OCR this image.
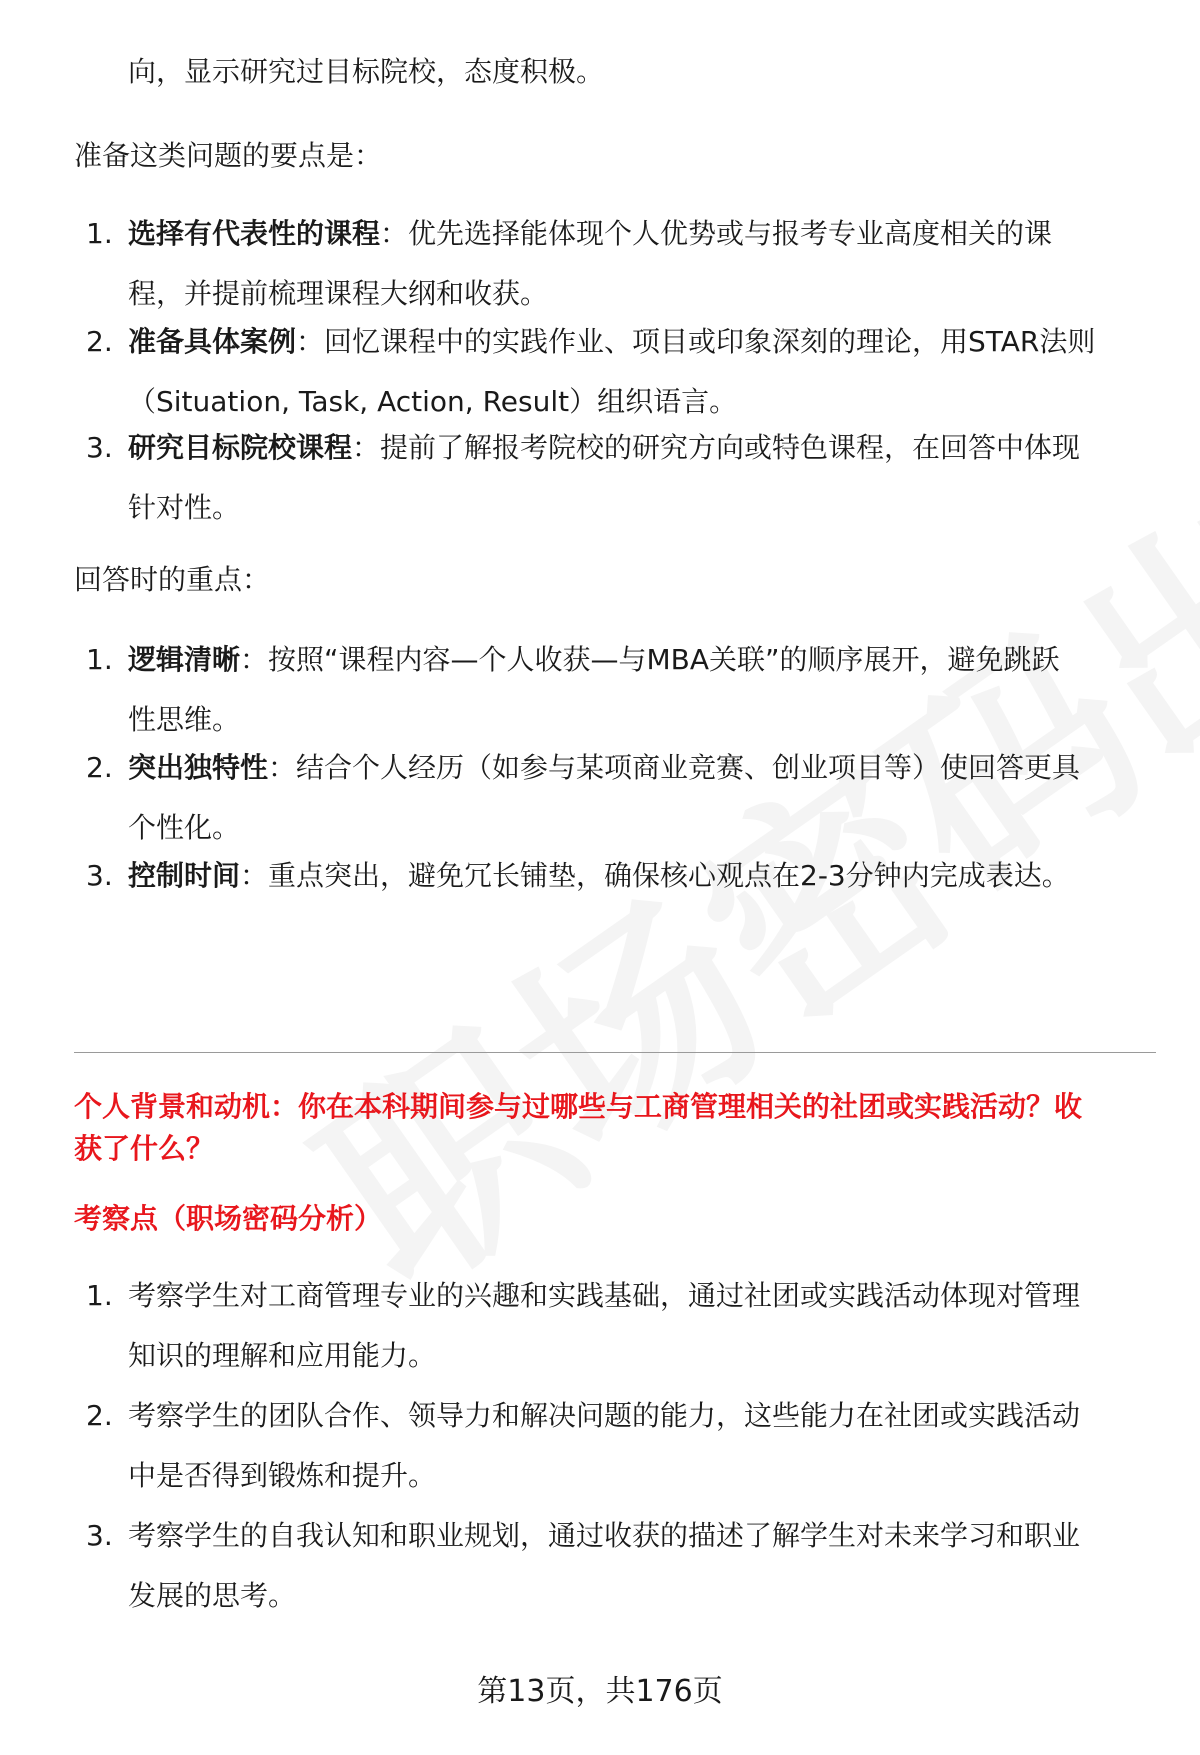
向，显示研究过目标院校，态度积极。

准备这类问题的要点是：

1. 选择有代表性的课程：优先选择能体现个人优势或与报考专业高度相关的课
程，并提前梳理课程大纲和收获。
2. 准备具体案例：回忆课程中的实践作业、项目或印象深刻的理论，用STAR法则
（Situation, Task, Action, Result）组织语言。
3. 研究目标院校课程：提前了解报考院校的研究方向或特色课程，在回答中体现
针对性。

回答时的重点：

1. 逻辑清晰：按照“课程内容—个人收获—与MBA关联”的顺序展开，避免跳跃
性思维。
2. 突出独特性：结合个人经历（如参与某项商业竞赛、创业项目等）使回答更具
个性化。
3. 控制时间：重点突出，避免冗长铺垫，确保核心观点在2-3分钟内完成表达。
个人背景和动机：你在本科期间参与过哪些与工商管理相关的社团或实践活动？收
获了什么？
考察点（职场密码分析）
1. 考察学生对工商管理专业的兴趣和实践基础，通过社团或实践活动体现对管理
知识的理解和应用能力。
2. 考察学生的团队合作、领导力和解决问题的能力，这些能力在社团或实践活动
中是否得到锻炼和提升。
3. 考察学生的自我认知和职业规划，通过收获的描述了解学生对未来学习和职业
发展的思考。
第13页，共176页
